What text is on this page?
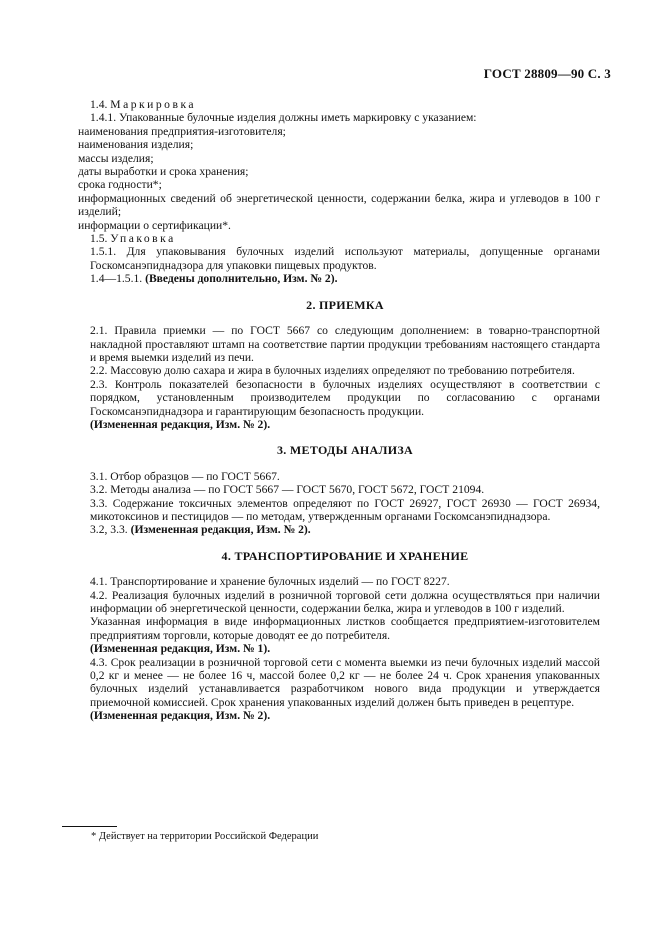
ГОСТ 28809—90 С. 3

1.4. Маркировка

1.4.1. Упакованные булочные изделия должны иметь маркировку с указанием:

наименования предприятия-изготовителя;

наименования изделия;

массы изделия;

даты выработки и срока хранения;

срока годности*;

информационных сведений об энергетической ценности, содержании белка, жира и углеводов в 100 г изделий;

информации о сертификации*.

1.5. Упаковка

1.5.1. Для упаковывания булочных изделий используют материалы, допущенные органами Госкомсанэпиднадзора для упаковки пищевых продуктов.

1.4—1.5.1. (Введены дополнительно, Изм. № 2).

2. ПРИЕМКА

2.1. Правила приемки — по ГОСТ 5667 со следующим дополнением: в товарно-транспортной накладной проставляют штамп на соответствие партии продукции требованиям настоящего стандарта и время выемки изделий из печи.

2.2. Массовую долю сахара и жира в булочных изделиях определяют по требованию потребителя.

2.3. Контроль показателей безопасности в булочных изделиях осуществляют в соответствии с порядком, установленным производителем продукции по согласованию с органами Госкомсанэпиднадзора и гарантирующим безопасность продукции.

(Измененная редакция, Изм. № 2).

3. МЕТОДЫ АНАЛИЗА

3.1. Отбор образцов — по ГОСТ 5667.

3.2. Методы анализа — по ГОСТ 5667 — ГОСТ 5670, ГОСТ 5672, ГОСТ 21094.

3.3. Содержание токсичных элементов определяют по ГОСТ 26927, ГОСТ 26930 — ГОСТ 26934, микотоксинов и пестицидов — по методам, утвержденным органами Госкомсанэпиднадзора.

3.2, 3.3. (Измененная редакция, Изм. № 2).

4. ТРАНСПОРТИРОВАНИЕ И ХРАНЕНИЕ

4.1. Транспортирование и хранение булочных изделий — по ГОСТ 8227.

4.2. Реализация булочных изделий в розничной торговой сети должна осуществляться при наличии информации об энергетической ценности, содержании белка, жира и углеводов в 100 г изделий.

Указанная информация в виде информационных листков сообщается предприятием-изготовителем предприятиям торговли, которые доводят ее до потребителя.

(Измененная редакция, Изм. № 1).

4.3. Срок реализации в розничной торговой сети с момента выемки из печи булочных изделий массой 0,2 кг и менее — не более 16 ч, массой более 0,2 кг — не более 24 ч. Срок хранения упакованных булочных изделий устанавливается разработчиком нового вида продукции и утверждается приемочной комиссией. Срок хранения упакованных изделий должен быть приведен в рецептуре.

(Измененная редакция, Изм. № 2).

* Действует на территории Российской Федерации
